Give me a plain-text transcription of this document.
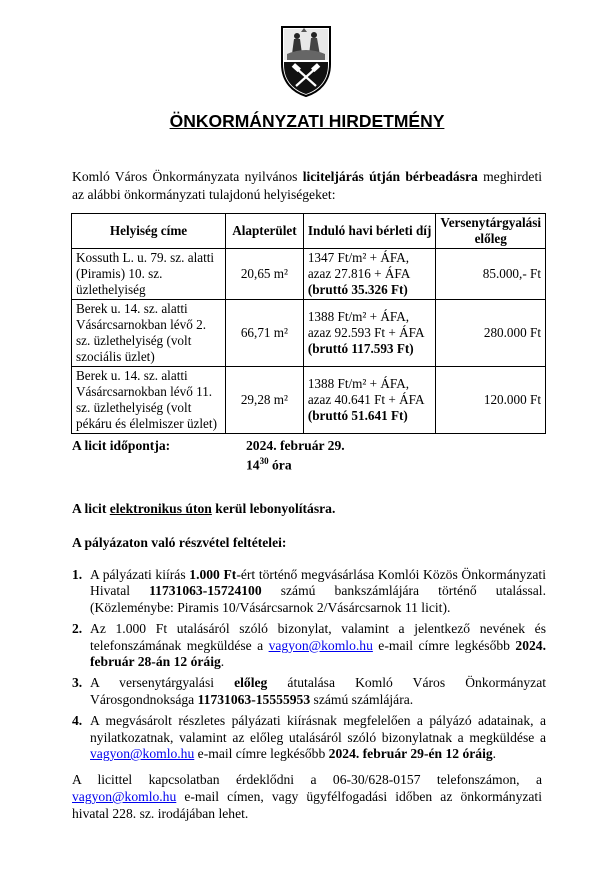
ÖNKORMÁNYZATI HIRDETMÉNY
Komló Város Önkormányzata nyilvános liciteljárás útján bérbeadásra meghirdeti az alábbi önkormányzati tulajdonú helyiségeket:
Helyiség címe	Alapterület	Induló havi bérleti díj	Versenytárgyalási előleg
Kossuth L. u. 79. sz. alatti (Piramis) 10. sz. üzlethelyiség	20,65 m²	1347 Ft/m² + ÁFA,
azaz 27.816 + ÁFA
(bruttó 35.326 Ft)	85.000,- Ft
Berek u. 14. sz. alatti Vásárcsarnokban lévő 2. sz. üzlethelyiség (volt szociális üzlet)	66,71 m²	1388 Ft/m² + ÁFA,
azaz 92.593 Ft + ÁFA
(bruttó 117.593 Ft)	280.000 Ft
Berek u. 14. sz. alatti Vásárcsarnokban lévő 11. sz. üzlethelyiség (volt pékáru és élelmiszer üzlet)	29,28 m²	1388 Ft/m² + ÁFA,
azaz 40.641 Ft + ÁFA
(bruttó 51.641 Ft)	120.000 Ft
A licit időpontja:	2024. február 29.
$14^{30}$ óra
A licit elektronikus úton kerül lebonyolításra.
A pályázaton való részvétel feltételei:
1. A pályázati kiírás 1.000 Ft-ért történő megvásárlása Komlói Közös Önkormányzati Hivatal 11731063-15724100 számú bankszámlájára történő utalással. (Közleménybe: Piramis 10/Vásárcsarnok 2/Vásárcsarnok 11 licit).
2. Az 1.000 Ft utalásáról szóló bizonylat, valamint a jelentkező nevének és telefonszámának megküldése a vagyon@komlo.hu e-mail címre legkésőbb 2024. február 28-án 12 óráig.
3. A versenytárgyalási előleg átutalása Komló Város Önkormányzat Városgondnoksága 11731063-15555953 számú számlájára.
4. A megvásárolt részletes pályázati kiírásnak megfelelően a pályázó adatainak, a nyilatkozatnak, valamint az előleg utalásáról szóló bizonylatnak a megküldése a vagyon@komlo.hu e-mail címre legkésőbb 2024. február 29-én 12 óráig.
A licittel kapcsolatban érdeklődni a 06-30/628-0157 telefonszámon, a vagyon@komlo.hu e-mail címen, vagy ügyfélfogadási időben az önkormányzati hivatal 228. sz. irodájában lehet.
